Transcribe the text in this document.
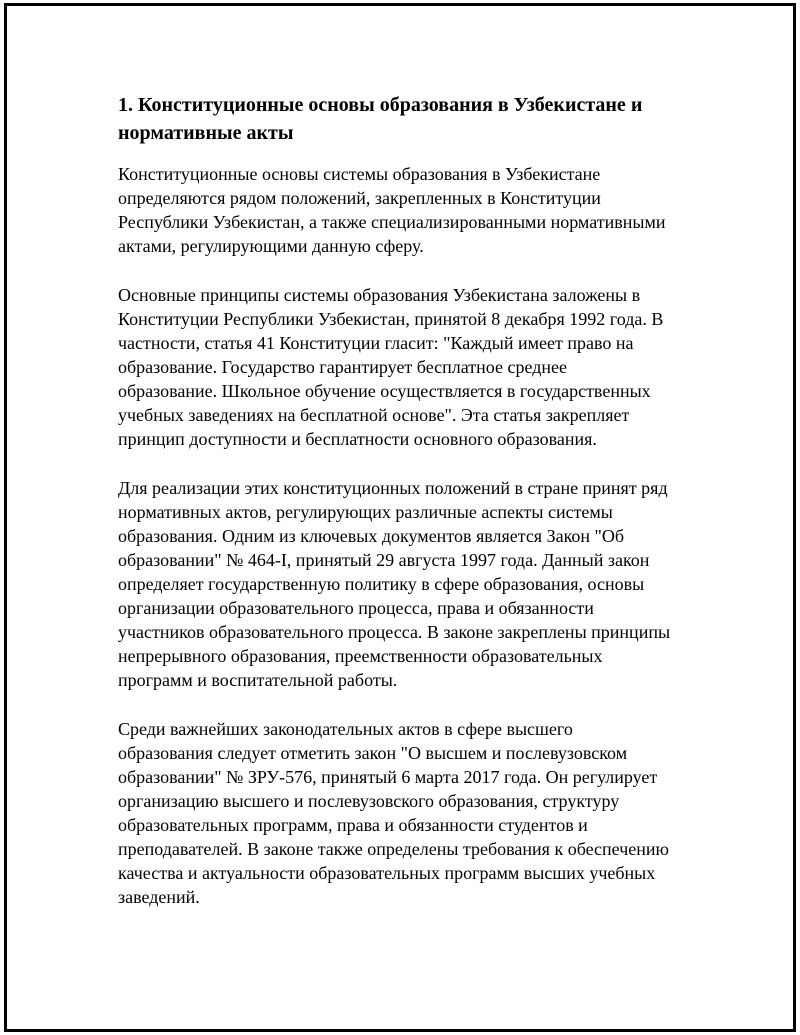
1. Конституционные основы образования в Узбекистане и
нормативные акты
Конституционные основы системы образования в Узбекистане
определяются рядом положений, закрепленных в Конституции
Республики Узбекистан, а также специализированными нормативными
актами, регулирующими данную сферу.
Основные принципы системы образования Узбекистана заложены в
Конституции Республики Узбекистан, принятой 8 декабря 1992 года. В
частности, статья 41 Конституции гласит: "Каждый имеет право на
образование. Государство гарантирует бесплатное среднее
образование. Школьное обучение осуществляется в государственных
учебных заведениях на бесплатной основе". Эта статья закрепляет
принцип доступности и бесплатности основного образования.
Для реализации этих конституционных положений в стране принят ряд
нормативных актов, регулирующих различные аспекты системы
образования. Одним из ключевых документов является Закон "Об
образовании" № 464-I, принятый 29 августа 1997 года. Данный закон
определяет государственную политику в сфере образования, основы
организации образовательного процесса, права и обязанности
участников образовательного процесса. В законе закреплены принципы
непрерывного образования, преемственности образовательных
программ и воспитательной работы.
Среди важнейших законодательных актов в сфере высшего
образования следует отметить закон "О высшем и послевузовском
образовании" № ЗРУ-576, принятый 6 марта 2017 года. Он регулирует
организацию высшего и послевузовского образования, структуру
образовательных программ, права и обязанности студентов и
преподавателей. В законе также определены требования к обеспечению
качества и актуальности образовательных программ высших учебных
заведений.
